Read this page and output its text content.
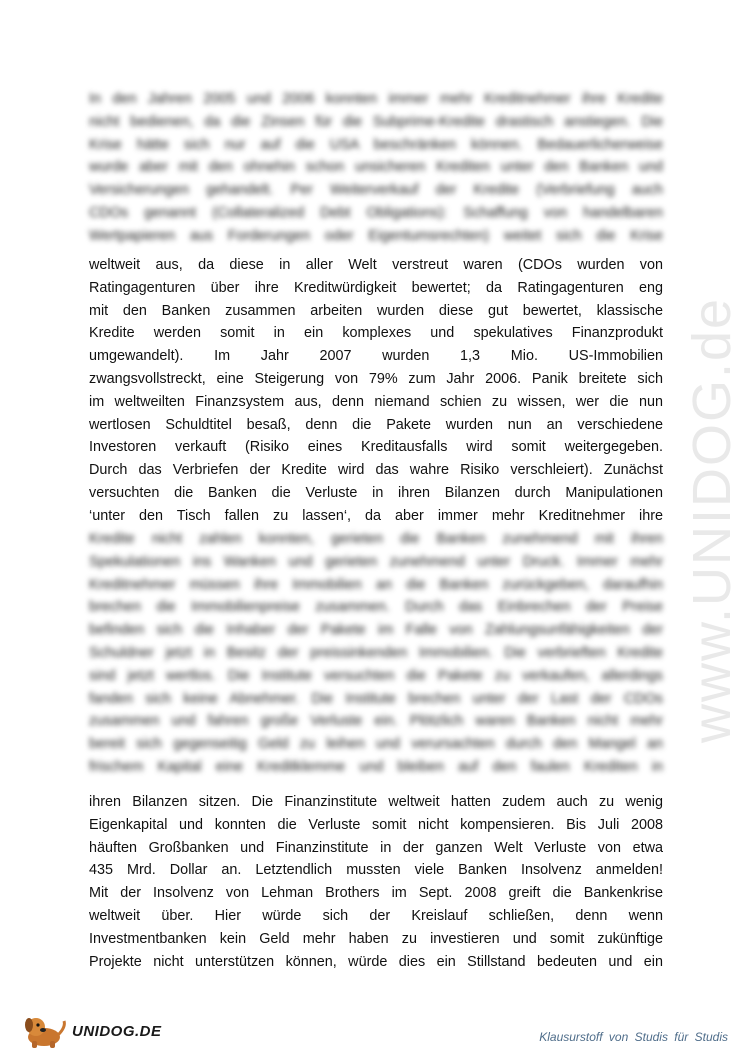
www.UNIDOG.de
In den Jahren 2005 und 2006 konnten immer mehr Kreditnehmer ihre Kredite
nicht bedienen, da die Zinsen für die Subprime-Kredite drastisch anstiegen. Die
Krise hätte sich nur auf die USA beschränken können. Bedauerlicherweise
wurde aber mit den ohnehin schon unsicheren Krediten unter den Banken und
Versicherungen gehandelt. Per Weiterverkauf der Kredite (Verbriefung auch
CDOs genannt (Collateralized Debt Obligations): Schaffung von handelbaren
Wertpapieren aus Forderungen oder Eigentumsrechten) weitet sich die Krise
weltweit aus, da diese in aller Welt verstreut waren (CDOs wurden von
Ratingagenturen über ihre Kreditwürdigkeit bewertet; da Ratingagenturen eng
mit den Banken zusammen arbeiten wurden diese gut bewertet, klassische
Kredite werden somit in ein komplexes und spekulatives Finanzprodukt
umgewandelt). Im Jahr 2007 wurden 1,3 Mio. US-Immobilien
zwangsvollstreckt, eine Steigerung von 79% zum Jahr 2006. Panik breitete sich
im weltweilten Finanzsystem aus, denn niemand schien zu wissen, wer die nun
wertlosen Schuldtitel besaß, denn die Pakete wurden nun an verschiedene
Investoren verkauft (Risiko eines Kreditausfalls wird somit weitergegeben.
Durch das Verbriefen der Kredite wird das wahre Risiko verschleiert). Zunächst
versuchten die Banken die Verluste in ihren Bilanzen durch Manipulationen
‘unter den Tisch fallen zu lassen‘, da aber immer mehr Kreditnehmer ihre
Kredite nicht zahlen konnten, gerieten die Banken zunehmend mit ihren
Spekulationen ins Wanken und gerieten zunehmend unter Druck. Immer mehr
Kreditnehmer müssen ihre Immobilien an die Banken zurückgeben, daraufhin
brechen die Immobilienpreise zusammen. Durch das Einbrechen der Preise
befinden sich die Inhaber der Pakete im Falle von Zahlungsunfähigkeiten der
Schuldner jetzt in Besitz der preissinkenden Immobilien. Die verbrieften Kredite
sind jetzt wertlos. Die Institute versuchten die Pakete zu verkaufen, allerdings
fanden sich keine Abnehmer. Die Institute brechen unter der Last der CDOs
zusammen und fahren große Verluste ein. Plötzlich waren Banken nicht mehr
bereit sich gegenseitig Geld zu leihen und verursachten durch den Mangel an
frischem Kapital eine Kreditklemme und bleiben auf den faulen Krediten in
ihren Bilanzen sitzen. Die Finanzinstitute weltweit hatten zudem auch zu wenig
Eigenkapital und konnten die Verluste somit nicht kompensieren. Bis Juli 2008
häuften Großbanken und Finanzinstitute in der ganzen Welt Verluste von etwa
435 Mrd. Dollar an. Letztendlich mussten viele Banken Insolvenz anmelden!
Mit der Insolvenz von Lehman Brothers im Sept. 2008 greift die Bankenkrise
weltweit über. Hier würde sich der Kreislauf schließen, denn wenn
Investmentbanken kein Geld mehr haben zu investieren und somit zukünftige
Projekte nicht unterstützen können, würde dies ein Stillstand bedeuten und ein
UNIDOG.DE	Klausurstoff von Studis für Studis
